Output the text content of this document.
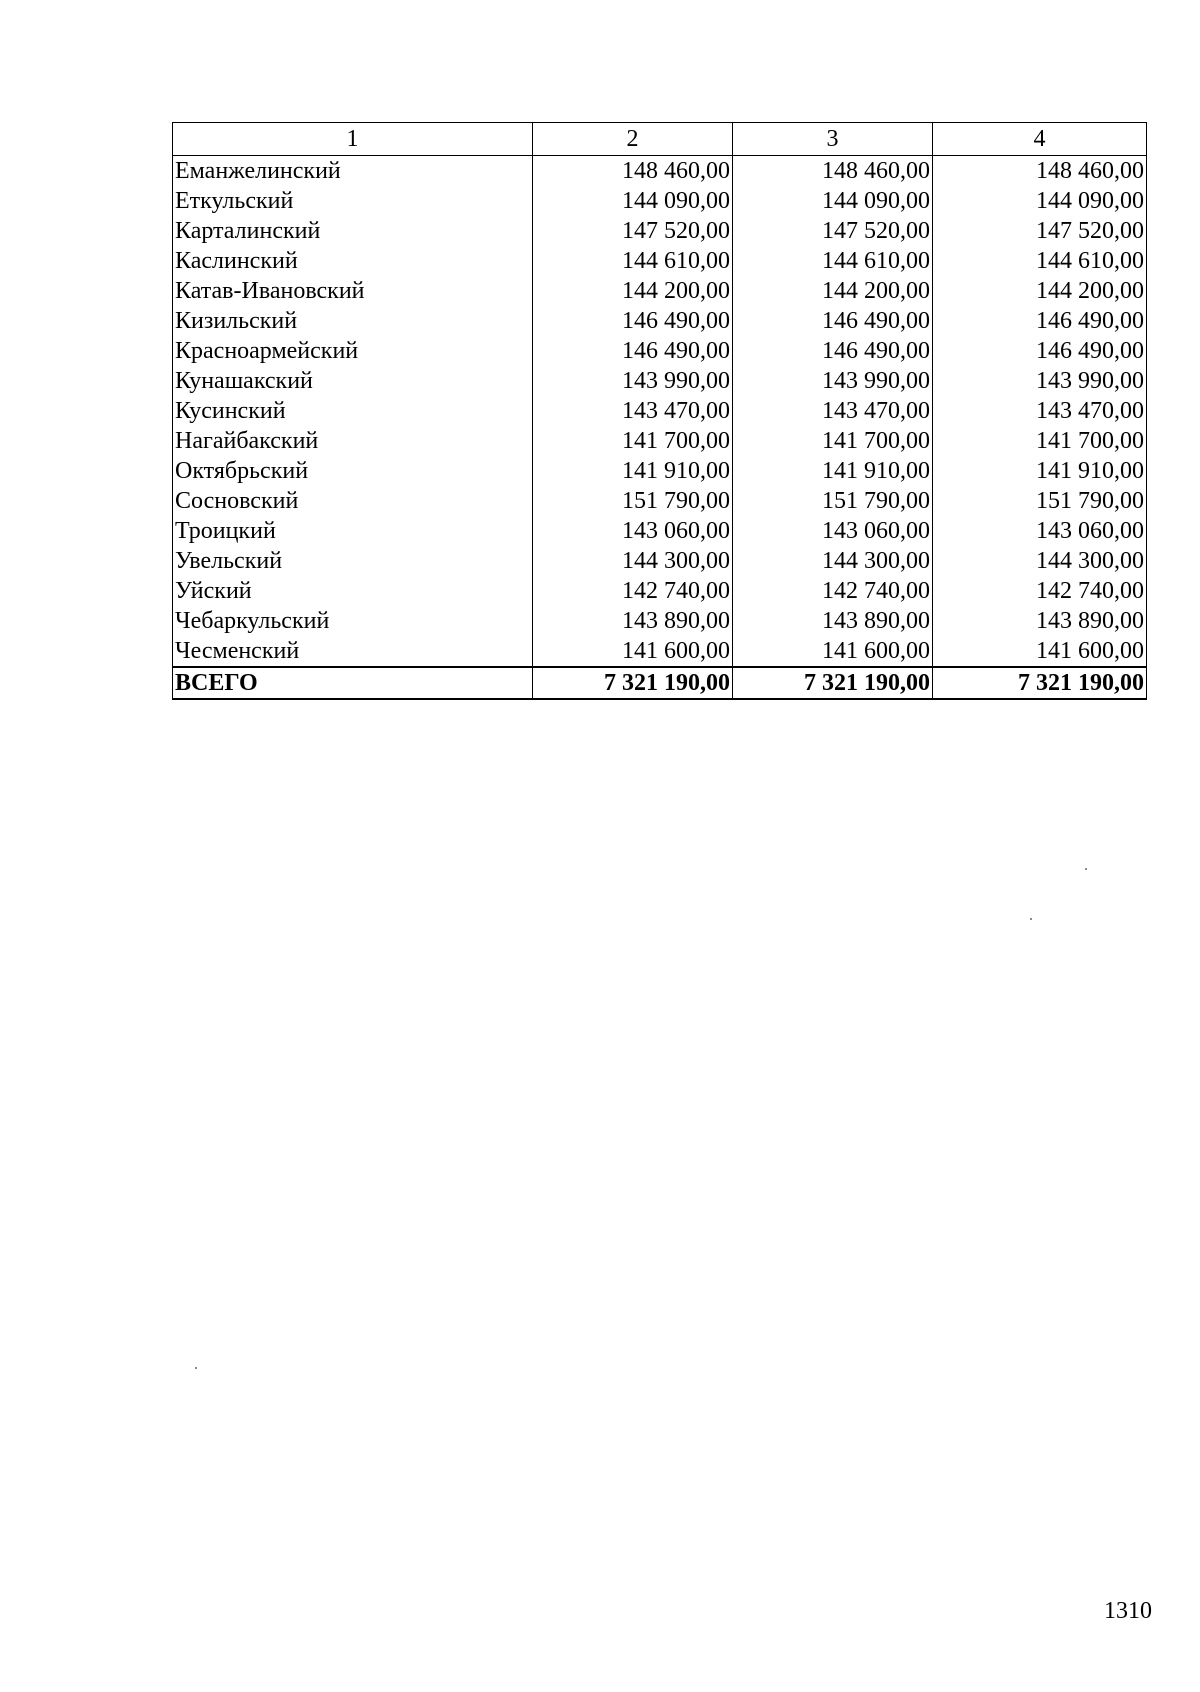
1	2	3	4
Еманжелинский	148 460,00	148 460,00	148 460,00
Еткульский	144 090,00	144 090,00	144 090,00
Карталинский	147 520,00	147 520,00	147 520,00
Каслинский	144 610,00	144 610,00	144 610,00
Катав-Ивановский	144 200,00	144 200,00	144 200,00
Кизильский	146 490,00	146 490,00	146 490,00
Красноармейский	146 490,00	146 490,00	146 490,00
Кунашакский	143 990,00	143 990,00	143 990,00
Кусинский	143 470,00	143 470,00	143 470,00
Нагайбакский	141 700,00	141 700,00	141 700,00
Октябрьский	141 910,00	141 910,00	141 910,00
Сосновский	151 790,00	151 790,00	151 790,00
Троицкий	143 060,00	143 060,00	143 060,00
Увельский	144 300,00	144 300,00	144 300,00
Уйский	142 740,00	142 740,00	142 740,00
Чебаркульский	143 890,00	143 890,00	143 890,00
Чесменский	141 600,00	141 600,00	141 600,00
ВСЕГО	7 321 190,00	7 321 190,00	7 321 190,00
1310
